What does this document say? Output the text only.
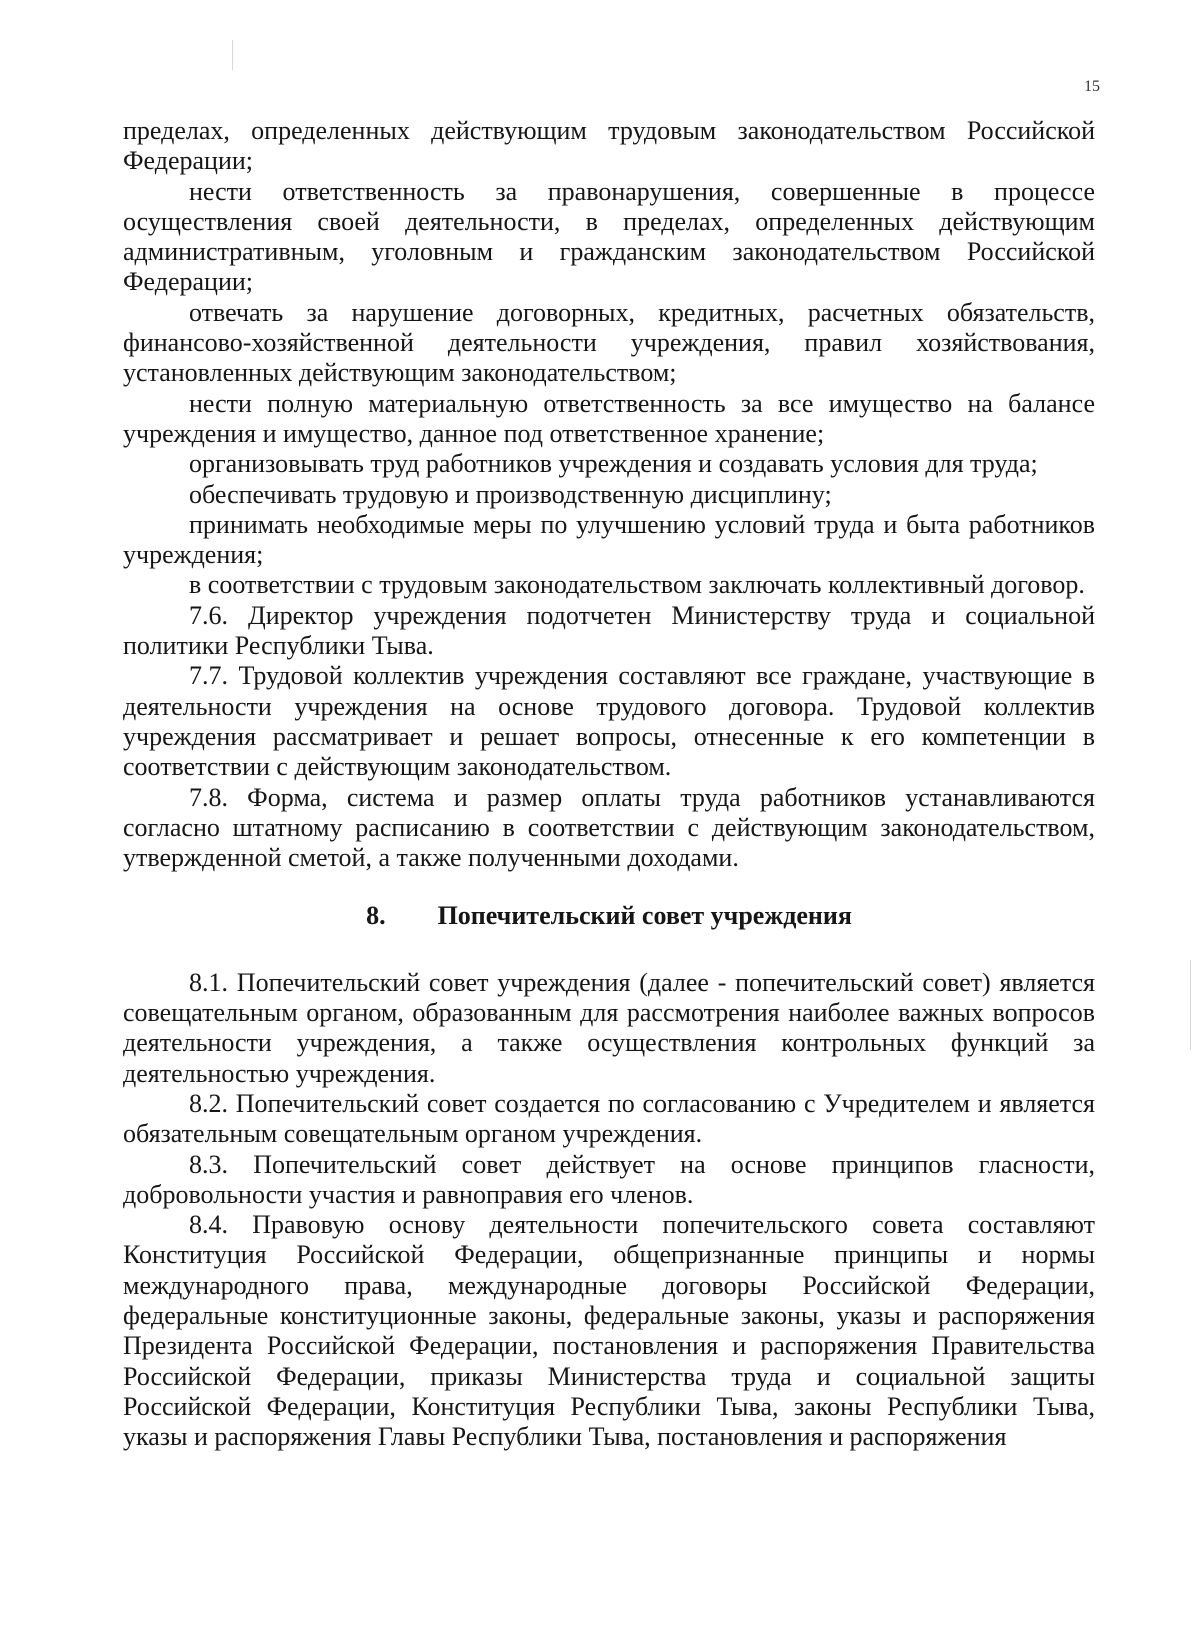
15

пределах, определенных действующим трудовым законодательством Российской Федерации;

нести ответственность за правонарушения, совершенные в процессе осуществления своей деятельности, в пределах, определенных действующим административным, уголовным и гражданским законодательством Российской Федерации;

отвечать за нарушение договорных, кредитных, расчетных обязательств, финансово-хозяйственной деятельности учреждения, правил хозяйствования, установленных действующим законодательством;

нести полную материальную ответственность за все имущество на балансе учреждения и имущество, данное под ответственное хранение;

организовывать труд работников учреждения и создавать условия для труда;

обеспечивать трудовую и производственную дисциплину;

принимать необходимые меры по улучшению условий труда и быта работников учреждения;

в соответствии с трудовым законодательством заключать коллективный договор.

7.6. Директор учреждения подотчетен Министерству труда и социальной политики Республики Тыва.

7.7. Трудовой коллектив учреждения составляют все граждане, участвующие в деятельности учреждения на основе трудового договора. Трудовой коллектив учреждения рассматривает и решает вопросы, отнесенные к его компетенции в соответствии с действующим законодательством.

7.8. Форма, система и размер оплаты труда работников устанавливаются согласно штатному расписанию в соответствии с действующим законодательством, утвержденной сметой, а также полученными доходами.

8. Попечительский совет учреждения

8.1. Попечительский совет учреждения (далее - попечительский совет) является совещательным органом, образованным для рассмотрения наиболее важных вопросов деятельности учреждения, а также осуществления контрольных функций за деятельностью учреждения.

8.2. Попечительский совет создается по согласованию с Учредителем и является обязательным совещательным органом учреждения.

8.3. Попечительский совет действует на основе принципов гласности, добровольности участия и равноправия его членов.

8.4. Правовую основу деятельности попечительского совета составляют Конституция Российской Федерации, общепризнанные принципы и нормы международного права, международные договоры Российской Федерации, федеральные конституционные законы, федеральные законы, указы и распоряжения Президента Российской Федерации, постановления и распоряжения Правительства Российской Федерации, приказы Министерства труда и социальной защиты Российской Федерации, Конституция Республики Тыва, законы Республики Тыва, указы и распоряжения Главы Республики Тыва, постановления и распоряжения
